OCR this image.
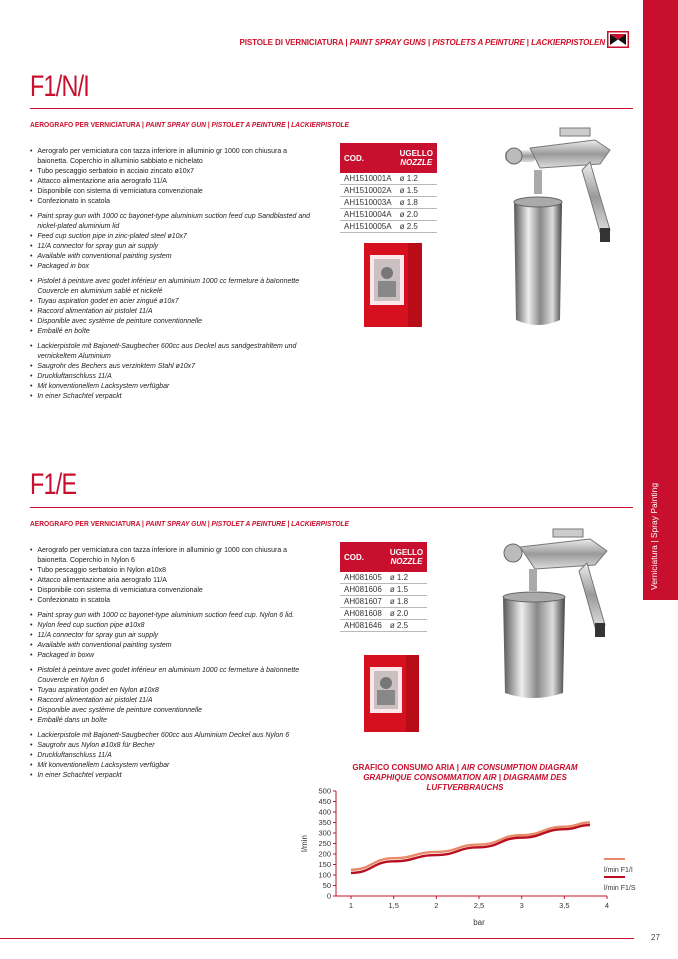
PISTOLE DI VERNICIATURA | PAINT SPRAY GUNS | PISTOLETS A PEINTURE | LACKIERPISTOLEN
Verniciatura | Spray Painting
F1/N/I
AEROGRAFO PER VERNICIATURA | PAINT SPRAY GUN | PISTOLET A PEINTURE | LACKIERPISTOLE
• Aerografo per verniciatura con tazza inferiore in alluminio gr 1000 con chiusura a baionetta. Coperchio in alluminio sabbiato e nichelato
• Tubo pescaggio serbatoio in acciaio zincato ø10x7
• Attacco alimentazione aria aerografo 11/A
• Disponibile con sistema di verniciatura convenzionale
• Confezionato in scatola
• Paint spray gun with 1000 cc bayonet-type aluminium suction feed cup Sandblasted and nickel-plated aluminium lid
• Feed cup suction pipe in zinc-plated steel ø10x7
• 11/A connector for spray gun air supply
• Available with conventional painting system
• Packaged in box
• Pistolet à peinture avec godet inférieur en aluminium 1000 cc fermeture à baïonnette Couvercle en aluminium sablé et nickelé
• Tuyau aspiration godet en acier zingué ø10x7
• Raccord alimentation air pistolet 11/A
• Disponible avec système de peinture conventionnelle
• Emballé en boîte
• Lackierpistole mit Bajonett-Saugbecher 600cc aus Deckel aus sandgestrahltem und vernickeltem Aluminium
• Saugrohr des Bechers aus verzinktem Stahl ø10x7
• Druckluftanschluss 11/A
• Mit konventionellem Lacksystem verfügbar
• In einer Schachtel verpackt
COD.	UGELLO
NOZZLE

AH1510001A	ø 1.2
AH1510002A	ø 1.5
AH1510003A	ø 1.8
AH1510004A	ø 2.0
AH1510005A	ø 2.5
F1/E
AEROGRAFO PER VERNICIATURA | PAINT SPRAY GUN | PISTOLET A PEINTURE | LACKIERPISTOLE
• Aerografo per verniciatura con tazza inferiore in alluminio gr 1000 con chiusura a baionetta. Coperchio in Nylon 6
• Tubo pescaggio serbatoio in Nylon ø10x8
• Attacco alimentazione aria aerografo 11/A
• Disponibile con sistema di verniciatura convenzionale
• Confezionato in scatola
• Paint spray gun with 1000 cc bayonet-type aluminium suction feed cup. Nylon 6 lid.
• Nylon feed cup suction pipe ø10x8
• 11/A connector for spray gun air supply
• Available with conventional painting system
• Packaged in boxw
• Pistolet à peinture avec godet inférieur en aluminium 1000 cc fermeture à baïonnette Couvercle en Nylon 6
• Tuyau aspiration godet en Nylon ø10x8
• Raccord alimentation air pistolet 11/A
• Disponible avec système de peinture conventionnelle
• Emballé dans un boîte
• Lackierpistole mit Bajonett-Saugbecher 600cc aus Aluminium Deckel aus Nylon 6
• Saugrohr aus Nylon ø10x8 für Becher
• Druckluftanschluss 11/A
• Mit konventionellem Lacksystem verfügbar
• In einer Schachtel verpackt
COD.	UGELLO
NOZZLE

AH081605	ø 1.2
AH081606	ø 1.5
AH081607	ø 1.8
AH081608	ø 2.0
AH081646	ø 2.5
GRAFICO CONSUMO ARIA | AIR CONSUMPTION DIAGRAM
GRAPHIQUE CONSOMMATION AIR | DIAGRAMM DES LUFTVERBRAUCHS
500
450
400
350
300
250
200
150
100
50
0
1	1,5	2	2,5	3	3,5	4
bar
l/min
l/min F1/I
l/min F1/S
27
